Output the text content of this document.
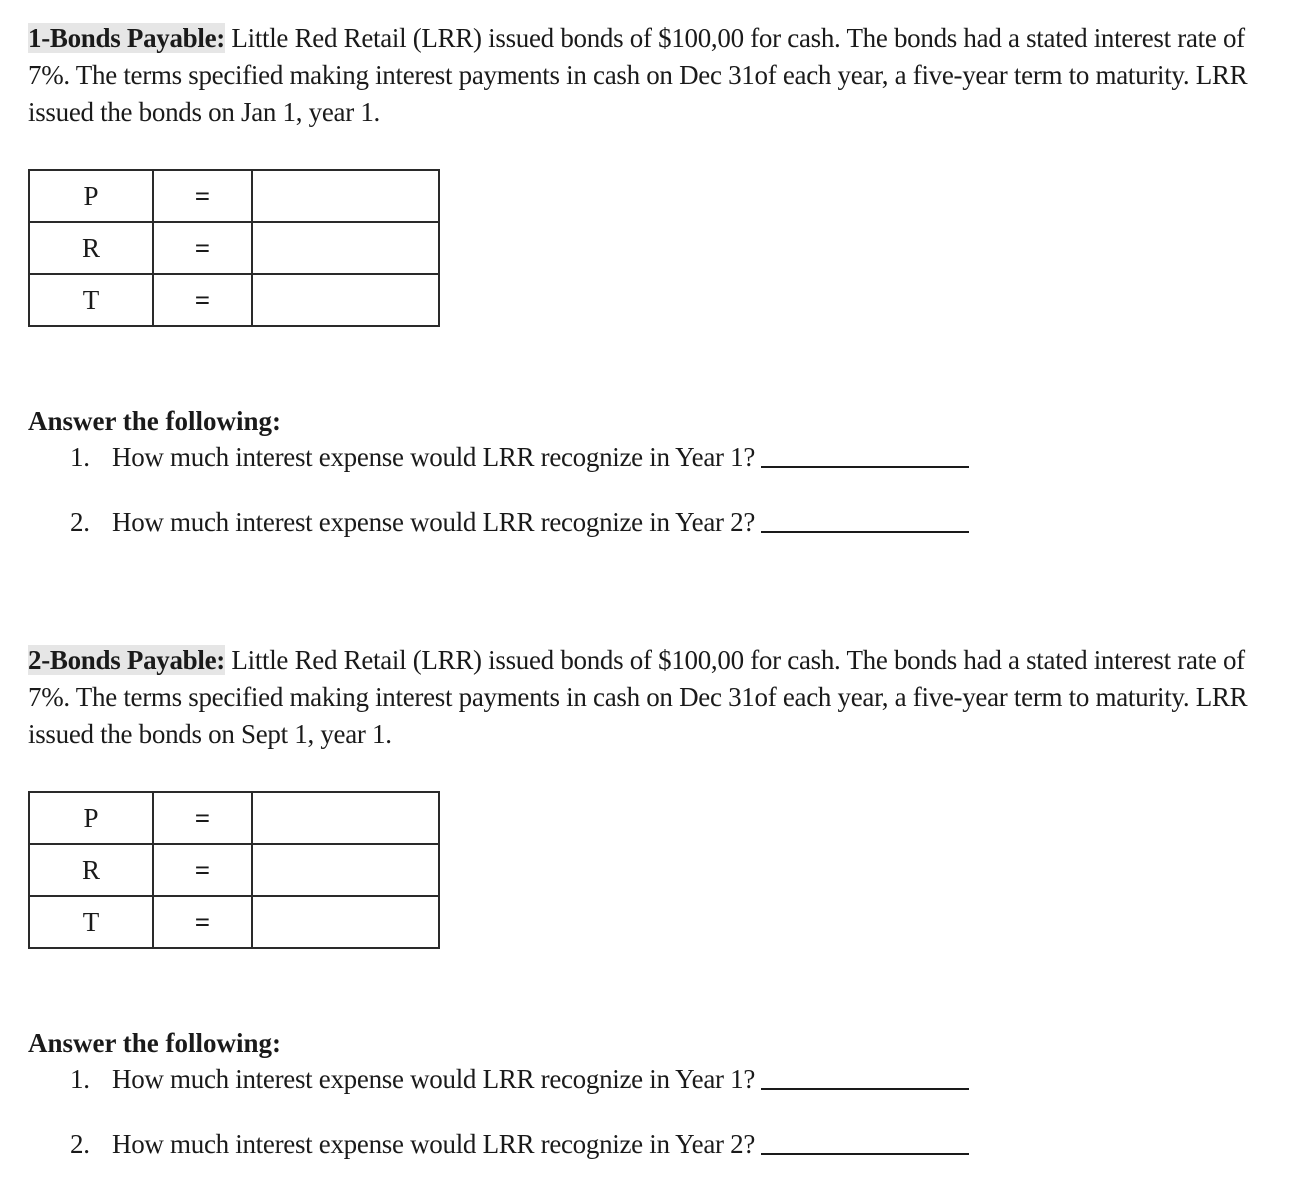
1-Bonds Payable: Little Red Retail (LRR) issued bonds of $100,00 for cash. The bonds had a stated interest rate of 7%. The terms specified making interest payments in cash on Dec 31of each year, a five-year term to maturity. LRR issued the bonds on Jan 1, year 1.

P	=	
R	=	
T	=	
Answer the following:
1. How much interest expense would LRR recognize in Year 1?
2. How much interest expense would LRR recognize in Year 2?

2-Bonds Payable: Little Red Retail (LRR) issued bonds of $100,00 for cash. The bonds had a stated interest rate of 7%. The terms specified making interest payments in cash on Dec 31of each year, a five-year term to maturity. LRR issued the bonds on Sept 1, year 1.

P	=	
R	=	
T	=	
Answer the following:
1. How much interest expense would LRR recognize in Year 1?
2. How much interest expense would LRR recognize in Year 2?
